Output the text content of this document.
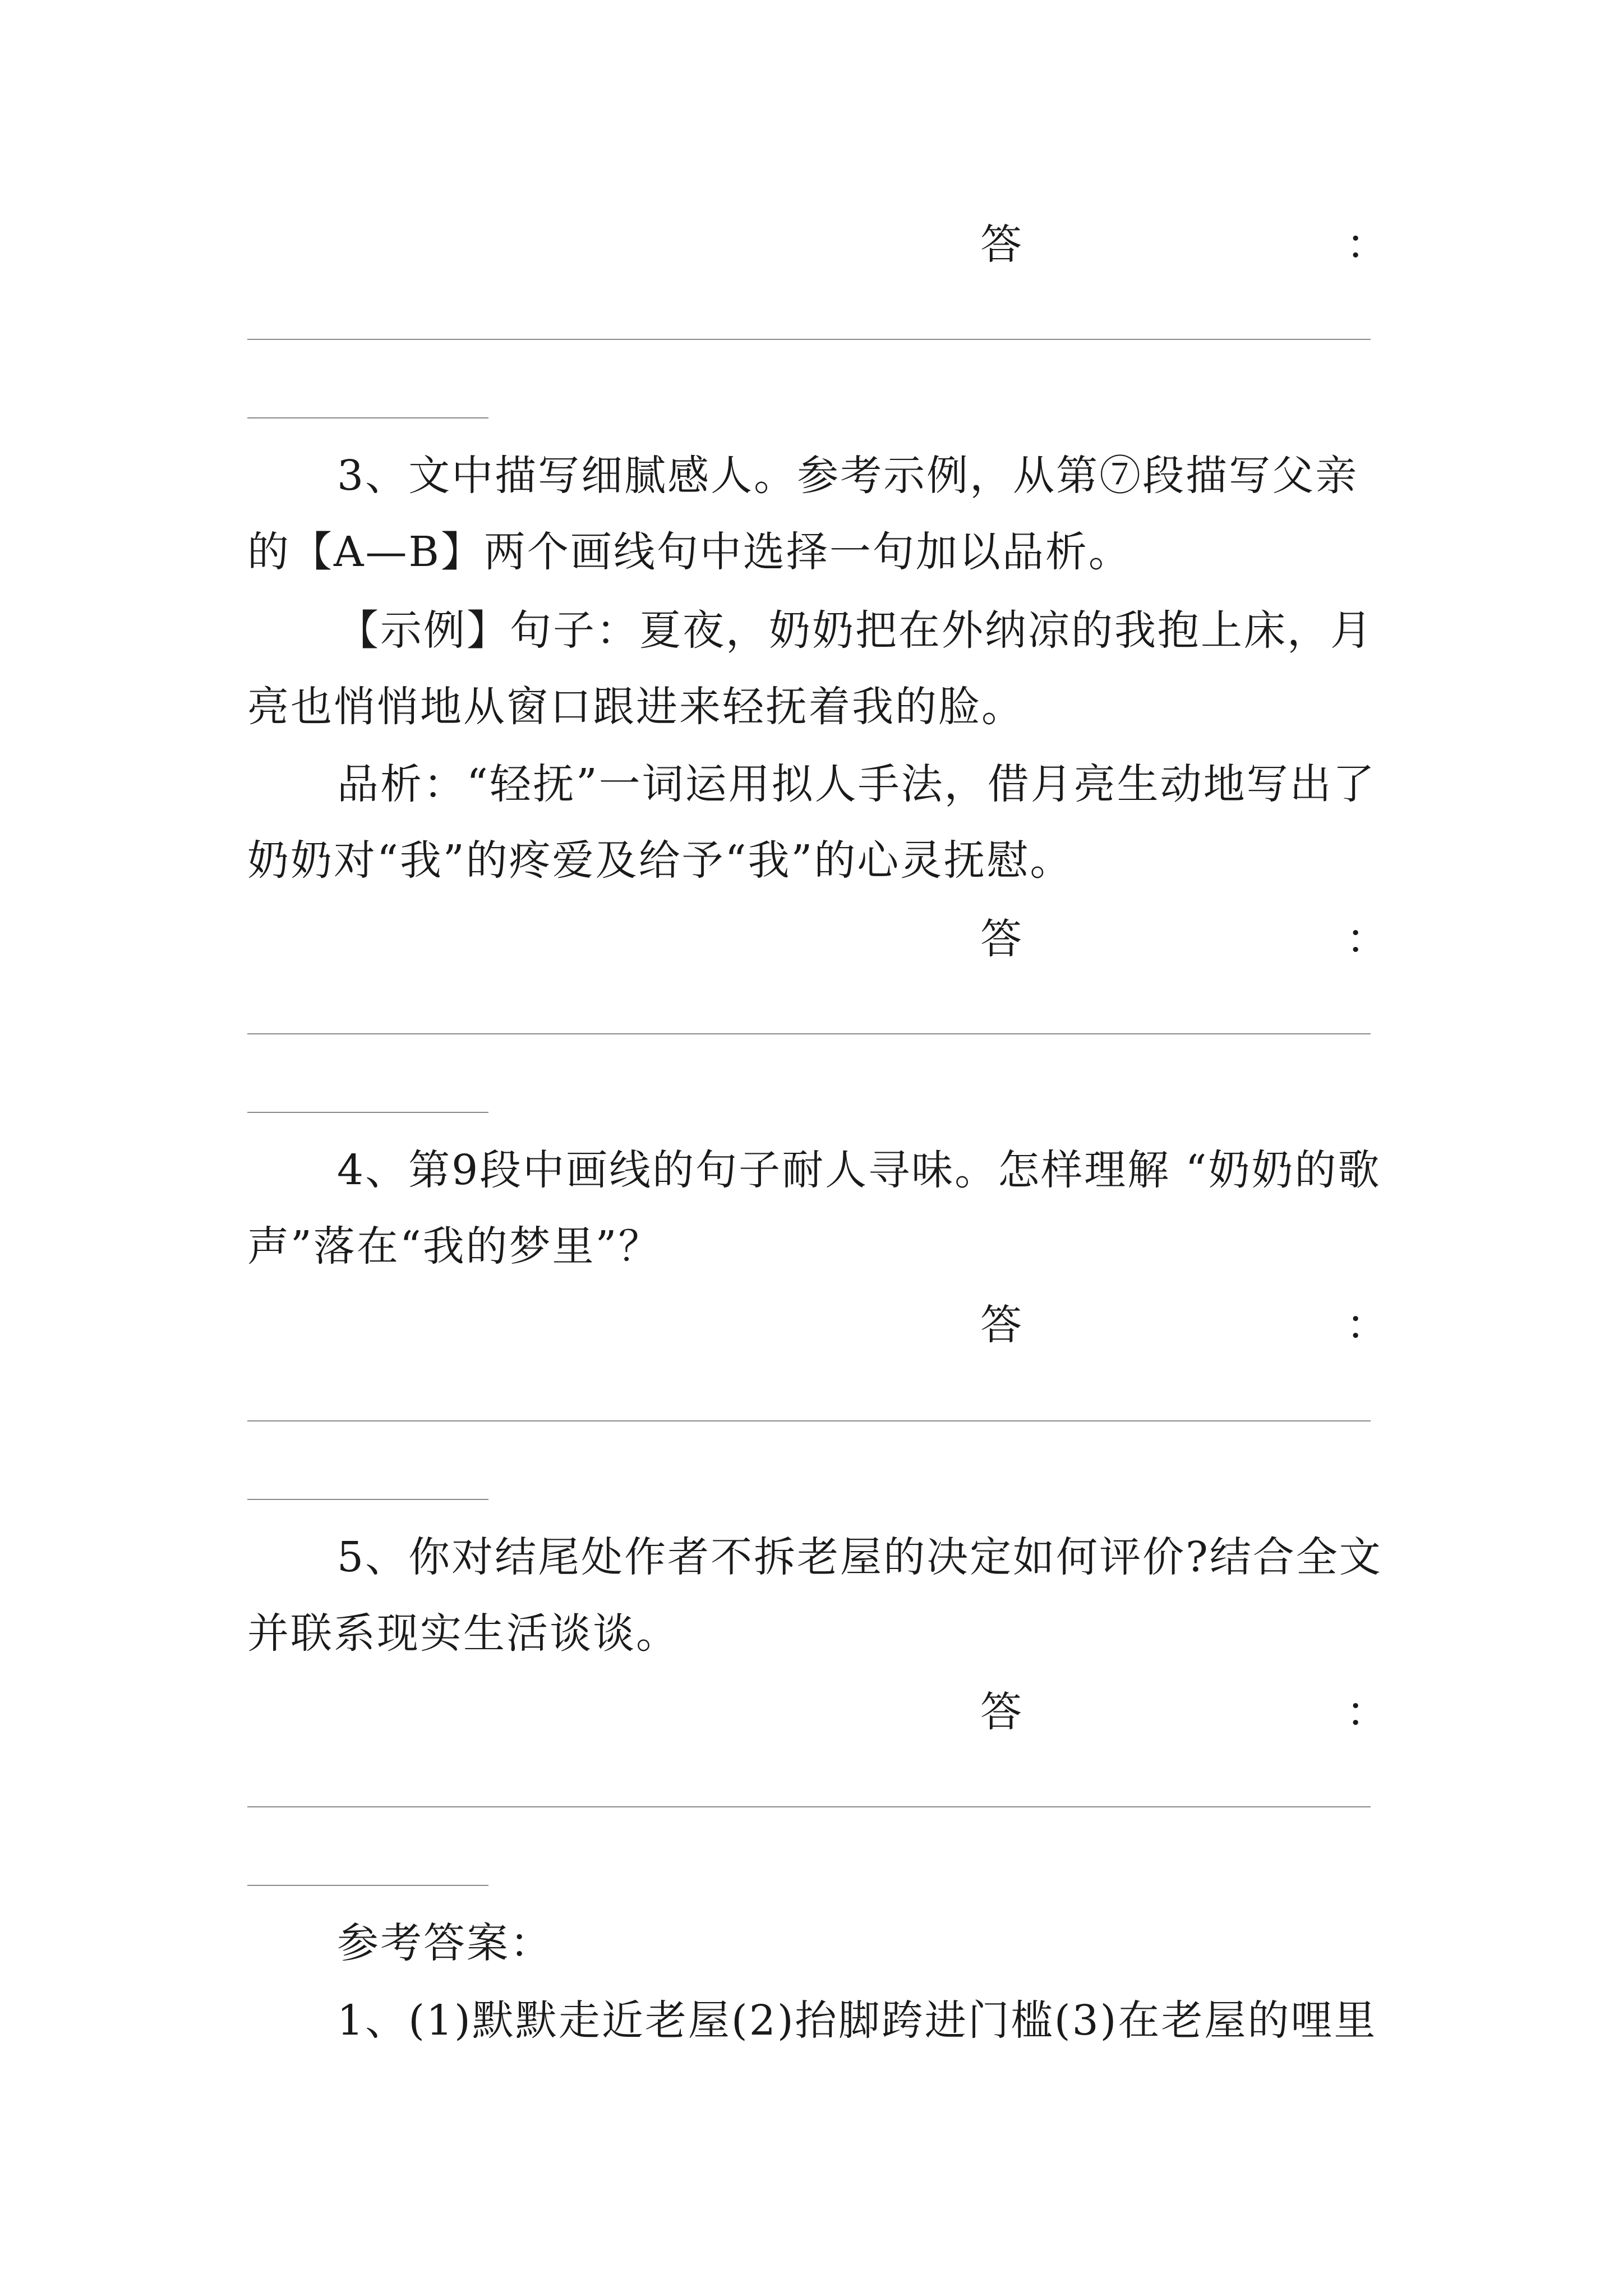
答	：

3、文中描写细腻感人。参考示例，从第⑦段描写父亲的【A—B】两个画线句中选择一句加以品析。

【示例】句子：夏夜，奶奶把在外纳凉的我抱上床，月亮也悄悄地从窗口跟进来轻抚着我的脸。

品析：“轻抚”一词运用拟人手法，借月亮生动地写出了奶奶对“我”的疼爱及给予“我”的心灵抚慰。

答	：

4、第9段中画线的句子耐人寻味。怎样理解 “奶奶的歌声”落在“我的梦里”？

答	：

5、你对结尾处作者不拆老屋的决定如何评价?结合全文并联系现实生活谈谈。

答	：

参考答案：

1、(1)默默走近老屋(2)抬脚跨进门槛(3)在老屋的哩里
